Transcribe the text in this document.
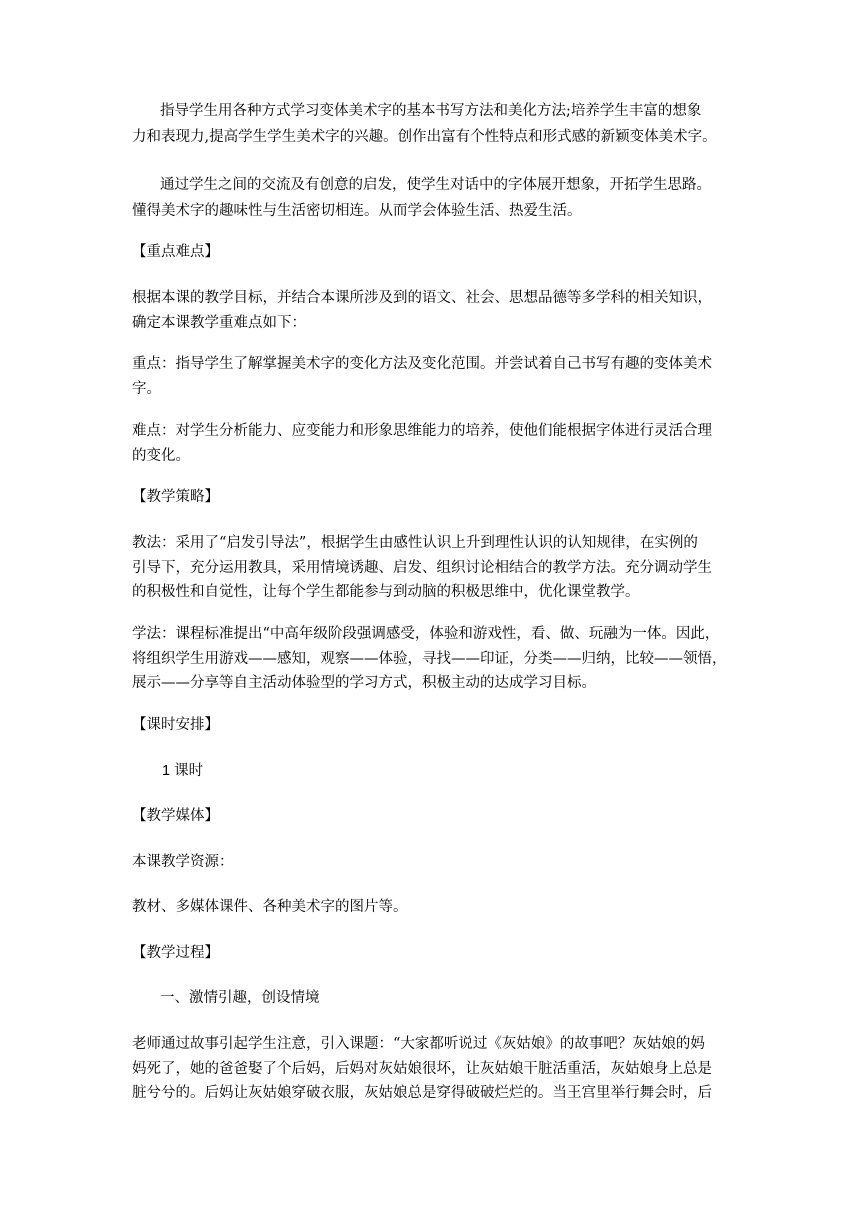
指导学生用各种方式学习变体美术字的基本书写方法和美化方法;培养学生丰富的想象

力和表现力,提高学生学生美术字的兴趣。创作出富有个性特点和形式感的新颖变体美术字。

通过学生之间的交流及有创意的启发，使学生对话中的字体展开想象，开拓学生思路。

懂得美术字的趣味性与生活密切相连。从而学会体验生活、热爱生活。

【重点难点】

根据本课的教学目标，并结合本课所涉及到的语文、社会、思想品德等多学科的相关知识，

确定本课教学重难点如下：

重点：指导学生了解掌握美术字的变化方法及变化范围。并尝试着自己书写有趣的变体美术

字。

难点：对学生分析能力、应变能力和形象思维能力的培养，使他们能根据字体进行灵活合理

的变化。

【教学策略】

教法：采用了“启发引导法”，根据学生由感性认识上升到理性认识的认知规律，在实例的

引导下，充分运用教具，采用情境诱趣、启发、组织讨论相结合的教学方法。充分调动学生

的积极性和自觉性，让每个学生都能参与到动脑的积极思维中，优化课堂教学。

学法：课程标准提出“中高年级阶段强调感受，体验和游戏性，看、做、玩融为一体。因此，

将组织学生用游戏——感知，观察——体验，寻找——印证，分类——归纳，比较——领悟，

展示——分享等自主活动体验型的学习方式，积极主动的达成学习目标。

【课时安排】

1 课时

【教学媒体】

本课教学资源：

教材、多媒体课件、各种美术字的图片等。

【教学过程】

一、激情引趣，创设情境

老师通过故事引起学生注意，引入课题：“大家都听说过《灰姑娘》的故事吧？灰姑娘的妈

妈死了，她的爸爸娶了个后妈，后妈对灰姑娘很坏，让灰姑娘干脏活重活，灰姑娘身上总是

脏兮兮的。后妈让灰姑娘穿破衣服，灰姑娘总是穿得破破烂烂的。当王宫里举行舞会时，后
